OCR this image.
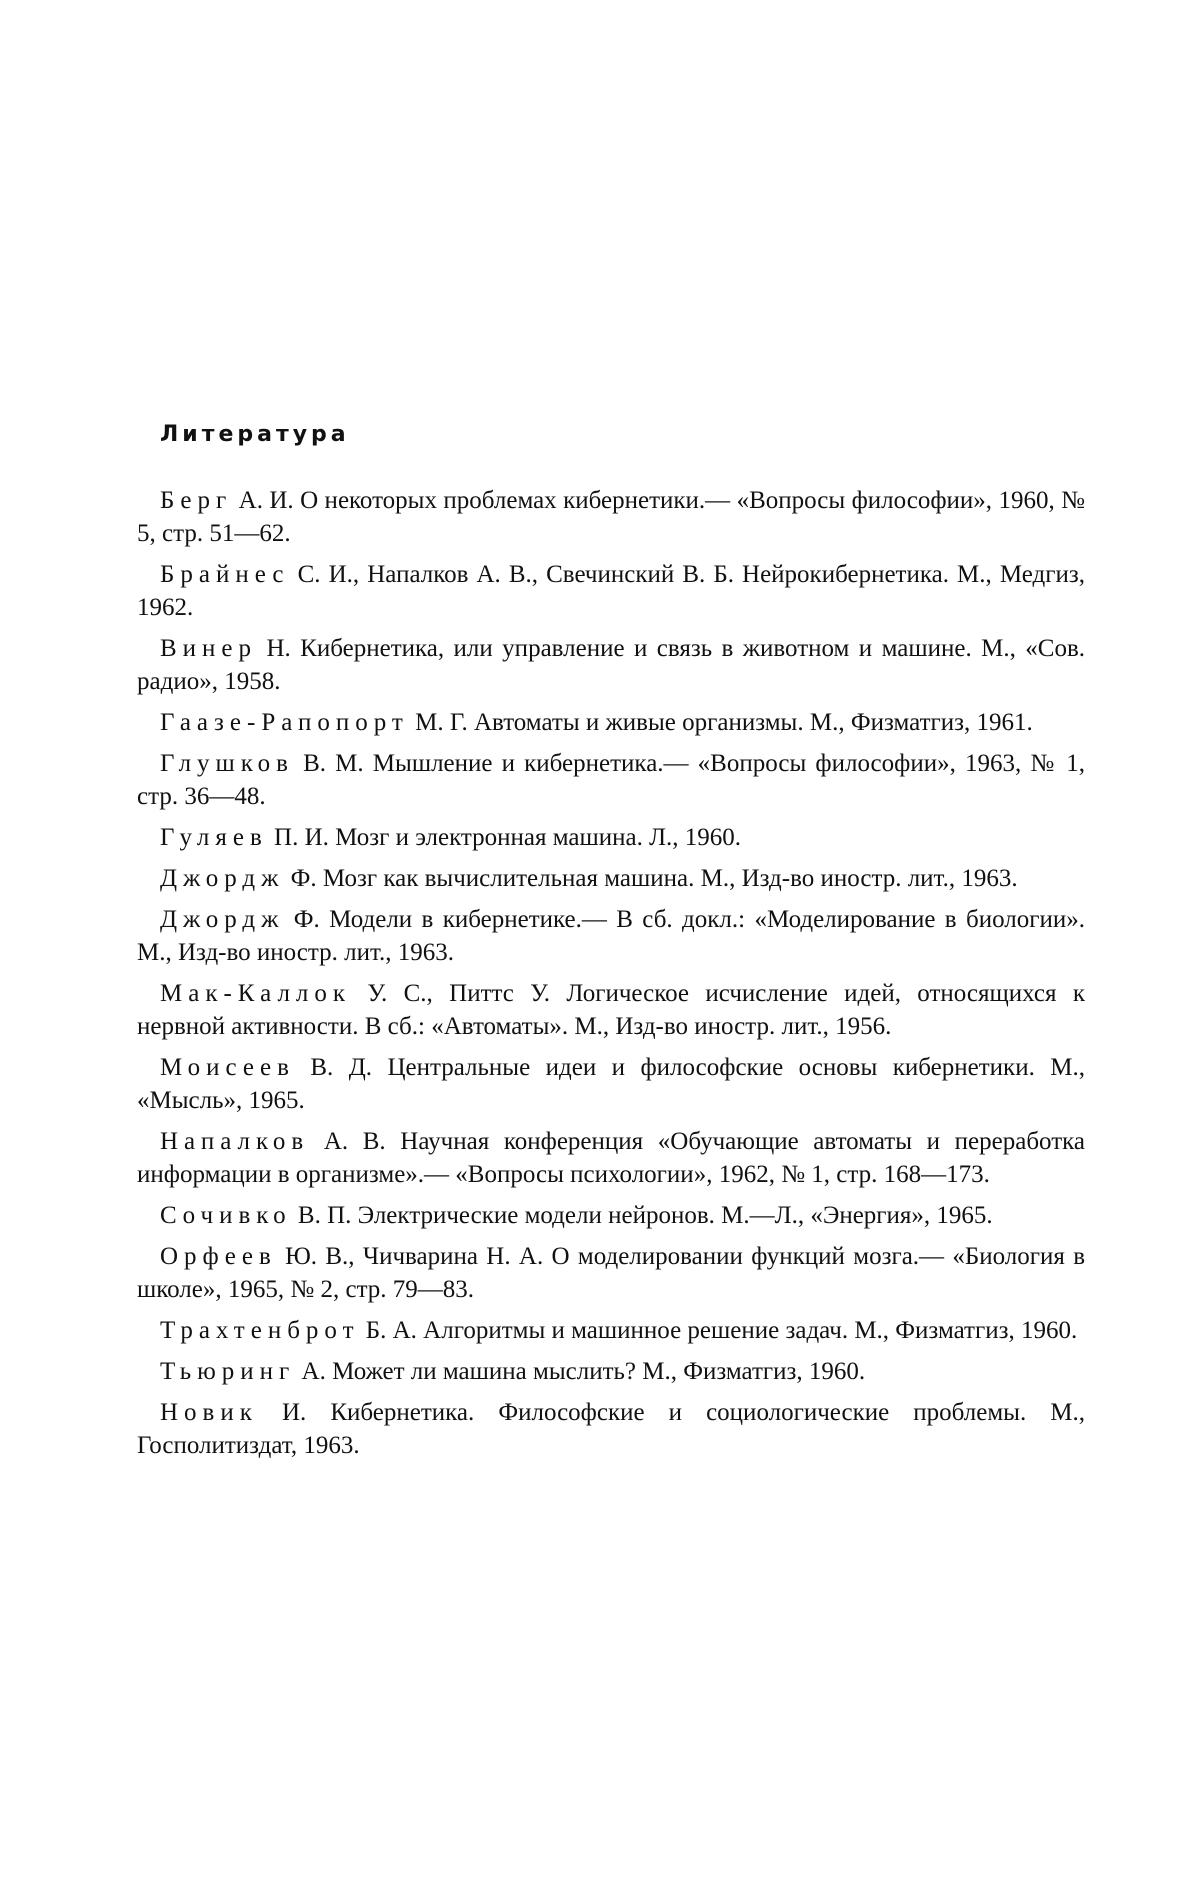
Литература
Берг А. И. О некоторых проблемах кибернетики.— «Вопросы философии», 1960, № 5, стр. 51—62.
Брайнес С. И., Напалков А. В., Свечинский В. Б. Нейрокибернетика. М., Медгиз, 1962.
Винер Н. Кибернетика, или управление и связь в животном и машине. М., «Сов. радио», 1958.
Гаазе-Рапопорт М. Г. Автоматы и живые организмы. М., Физматгиз, 1961.
Глушков В. М. Мышление и кибернетика.— «Вопросы философии», 1963, № 1, стр. 36—48.
Гуляев П. И. Мозг и электронная машина. Л., 1960.
Джордж Ф. Мозг как вычислительная машина. М., Изд-во иностр. лит., 1963.
Джордж Ф. Модели в кибернетике.— В сб. докл.: «Моделирование в биологии». М., Изд-во иностр. лит., 1963.
Мак-Каллок У. С., Питтс У. Логическое исчисление идей, относящихся к нервной активности. В сб.: «Автоматы». М., Изд-во иностр. лит., 1956.
Моисеев В. Д. Центральные идеи и философские основы кибернетики. М., «Мысль», 1965.
Напалков А. В. Научная конференция «Обучающие автоматы и переработка информации в организме».— «Вопросы психологии», 1962, № 1, стр. 168—173.
Сочивко В. П. Электрические модели нейронов. М.—Л., «Энергия», 1965.
Орфеев Ю. В., Чичварина Н. А. О моделировании функций мозга.— «Биология в школе», 1965, № 2, стр. 79—83.
Трахтенброт Б. А. Алгоритмы и машинное решение задач. М., Физматгиз, 1960.
Тьюринг А. Может ли машина мыслить? М., Физматгиз, 1960.
Новик И. Кибернетика. Философские и социологические проблемы. М., Госполитиздат, 1963.
